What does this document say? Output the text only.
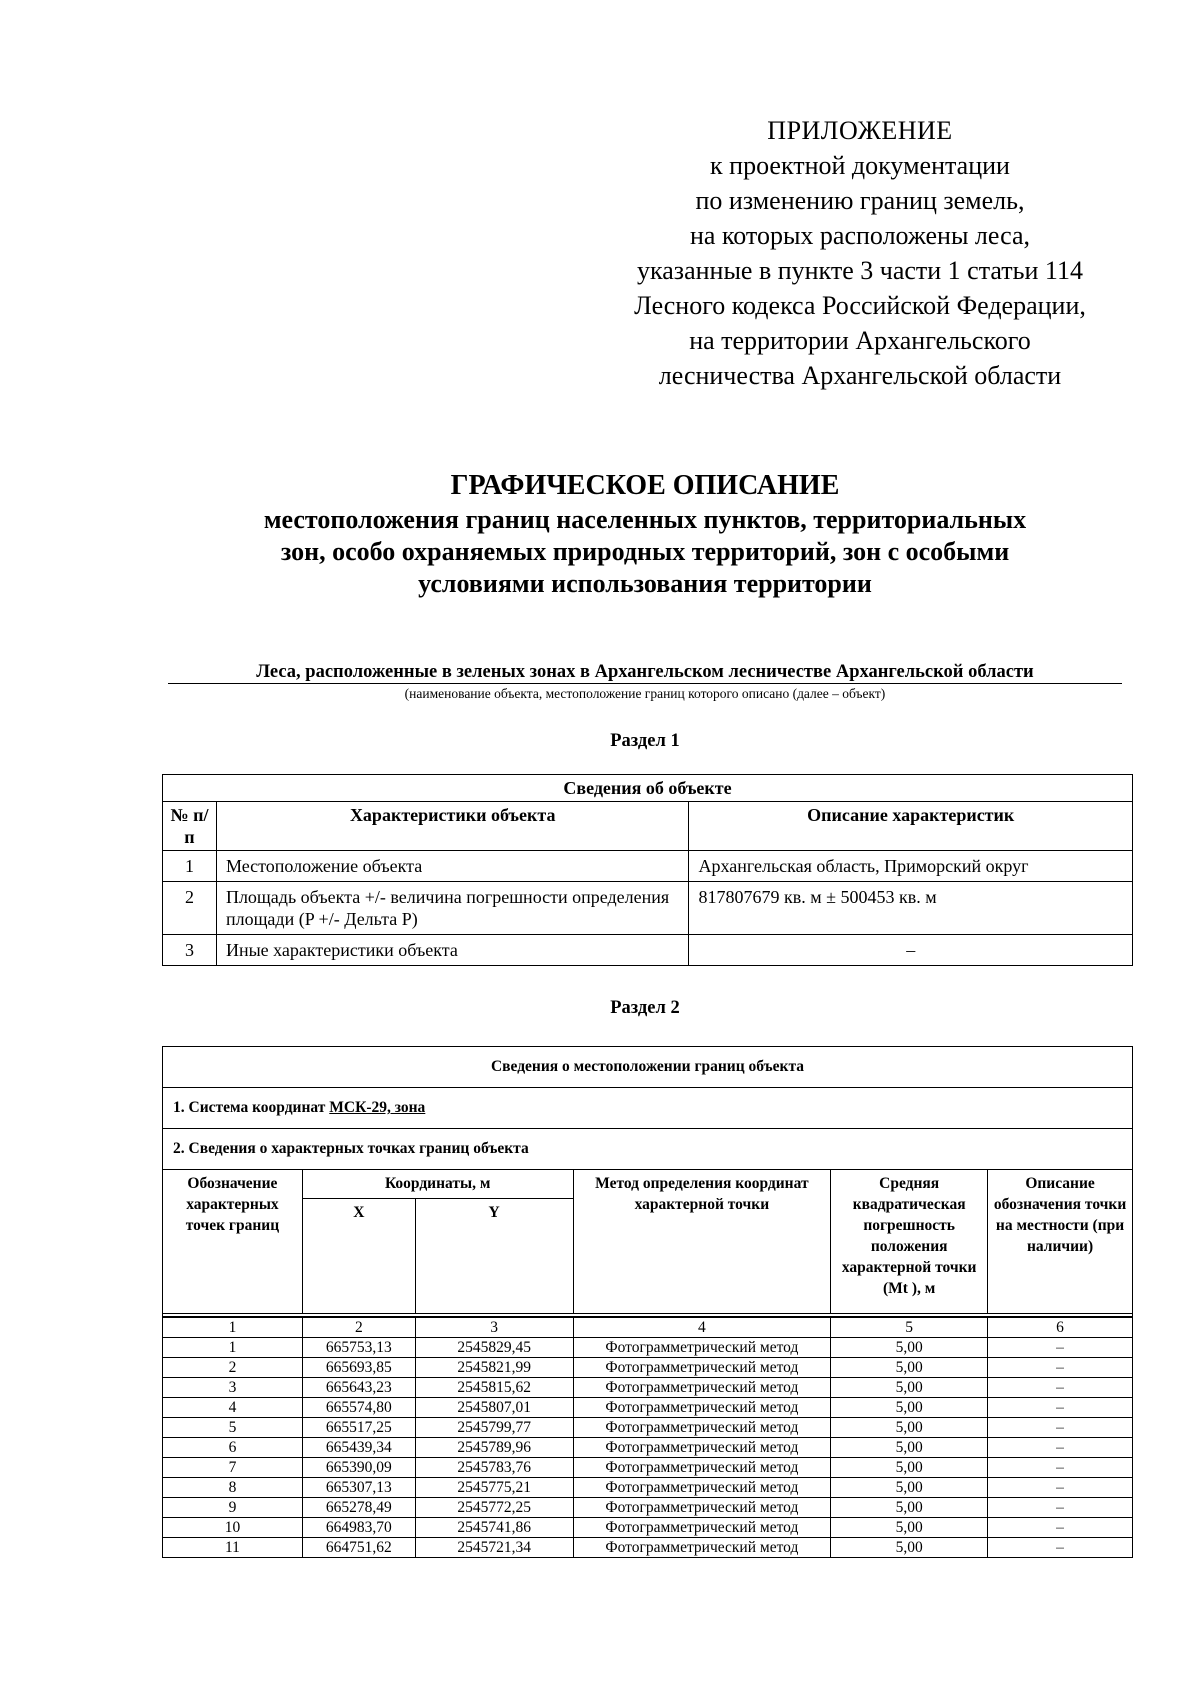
ПРИЛОЖЕНИЕ
к проектной документации
по изменению границ земель,
на которых расположены леса,
указанные в пункте 3 части 1 статьи 114
Лесного кодекса Российской Федерации,
на территории Архангельского
лесничества Архангельской области
ГРАФИЧЕСКОЕ ОПИСАНИЕ
местоположения границ населенных пунктов, территориальных
зон, особо охраняемых природных территорий, зон с особыми
условиями использования территории
Леса, расположенные в зеленых зонах в Архангельском лесничестве Архангельской области
(наименование объекта, местоположение границ которого описано (далее – объект)
Раздел 1
Сведения об объекте		
№ п/п	Характеристики объекта	Описание характеристик
1	Местоположение объекта	Архангельская область, Приморский округ
2	Площадь объекта +/- величина погрешности определения площади (P +/- Дельта P)	817807679 кв. м ± 500453 кв. м
3	Иные характеристики объекта	–
Раздел 2
Сведения о местоположении границ объекта					
1. Система координат МСК-29, зона					
2. Сведения о характерных точках границ объекта					
Обозначение характерных точек границ	Координаты, м		Метод определения координат характерной точки	Средняя квадратическая погрешность положения характерной точки (Mt ), м	Описание обозначения точки на местности (при наличии)
	X	Y			

1	2	3	4	5	6
1	665753,13	2545829,45	Фотограмметрический метод	5,00	–
2	665693,85	2545821,99	Фотограмметрический метод	5,00	–
3	665643,23	2545815,62	Фотограмметрический метод	5,00	–
4	665574,80	2545807,01	Фотограмметрический метод	5,00	–
5	665517,25	2545799,77	Фотограмметрический метод	5,00	–
6	665439,34	2545789,96	Фотограмметрический метод	5,00	–
7	665390,09	2545783,76	Фотограмметрический метод	5,00	–
8	665307,13	2545775,21	Фотограмметрический метод	5,00	–
9	665278,49	2545772,25	Фотограмметрический метод	5,00	–
10	664983,70	2545741,86	Фотограмметрический метод	5,00	–
11	664751,62	2545721,34	Фотограмметрический метод	5,00	–
